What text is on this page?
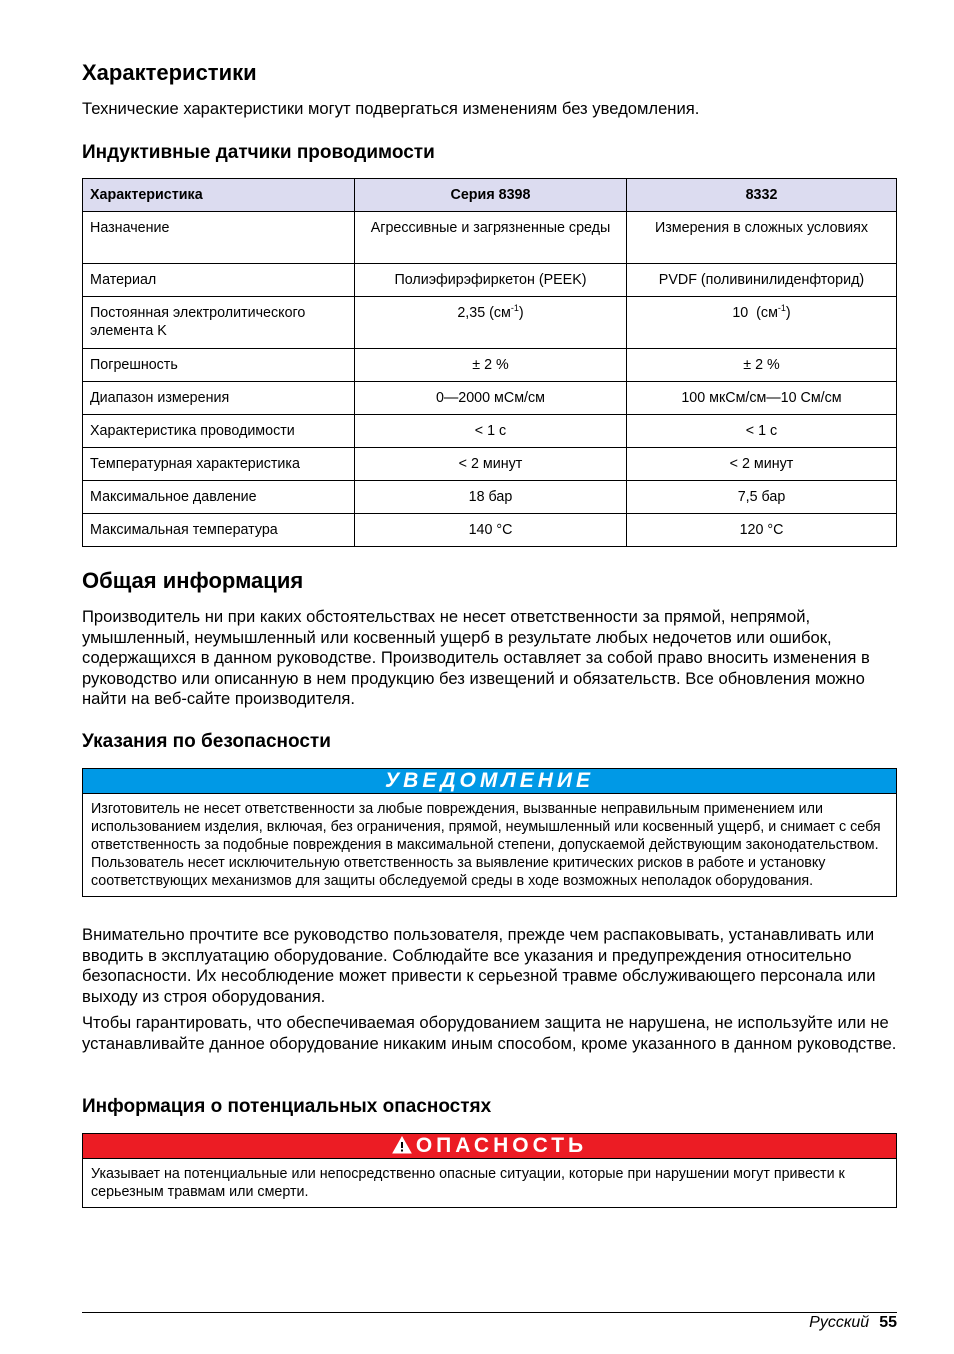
Характеристики

Технические характеристики могут подвергаться изменениям без уведомления.

Индуктивные датчики проводимости
Характеристика	Серия 8398	8332
Назначение	Агрессивные и загрязненные среды	Измерения в сложных условиях
Материал	Полиэфирэфиркетон (PEEK)	PVDF (поливинилиденфторид)
Постоянная электролитического элемента K	2,35 $(см^{-1})$	10  $(см^{-1})$
Погрешность	± 2 %	± 2 %
Диапазон измерения	0—2000 мСм/см	100 мкСм/см—10 См/см
Характеристика проводимости	< 1 с	< 1 с
Температурная характеристика	< 2 минут	< 2 минут
Максимальное давление	18 бар	7,5 бар
Максимальная температура	140 °C	120 °C
Общая информация

Производитель ни при каких обстоятельствах не несет ответственности за прямой, непрямой, умышленный, неумышленный или косвенный ущерб в результате любых недочетов или ошибок, содержащихся в данном руководстве. Производитель оставляет за собой право вносить изменения в руководство или описанную в нем продукцию без извещений и обязательств. Все обновления можно найти на веб-сайте производителя.

Указания по безопасности
УВЕДОМЛЕНИЕ
Изготовитель не несет ответственности за любые повреждения, вызванные неправильным применением или использованием изделия, включая, без ограничения, прямой, неумышленный или косвенный ущерб, и снимает с себя ответственность за подобные повреждения в максимальной степени, допускаемой действующим законодательством. Пользователь несет исключительную ответственность за выявление критических рисков в работе и установку соответствующих механизмов для защиты обследуемой среды в ходе возможных неполадок оборудования.

Внимательно прочтите все руководство пользователя, прежде чем распаковывать, устанавливать или вводить в эксплуатацию оборудование. Соблюдайте все указания и предупреждения относительно безопасности. Их несоблюдение может привести к серьезной травме обслуживающего персонала или выходу из строя оборудования.

Чтобы гарантировать, что обеспечиваемая оборудованием защита не нарушена, не используйте или не устанавливайте данное оборудование никаким иным способом, кроме указанного в данном руководстве.

Информация о потенциальных опасностях
ОПАСНОСТЬ
Указывает на потенциальные или непосредственно опасные ситуации, которые при нарушении могут привести к серьезным травмам или смерти.
Русский 55
